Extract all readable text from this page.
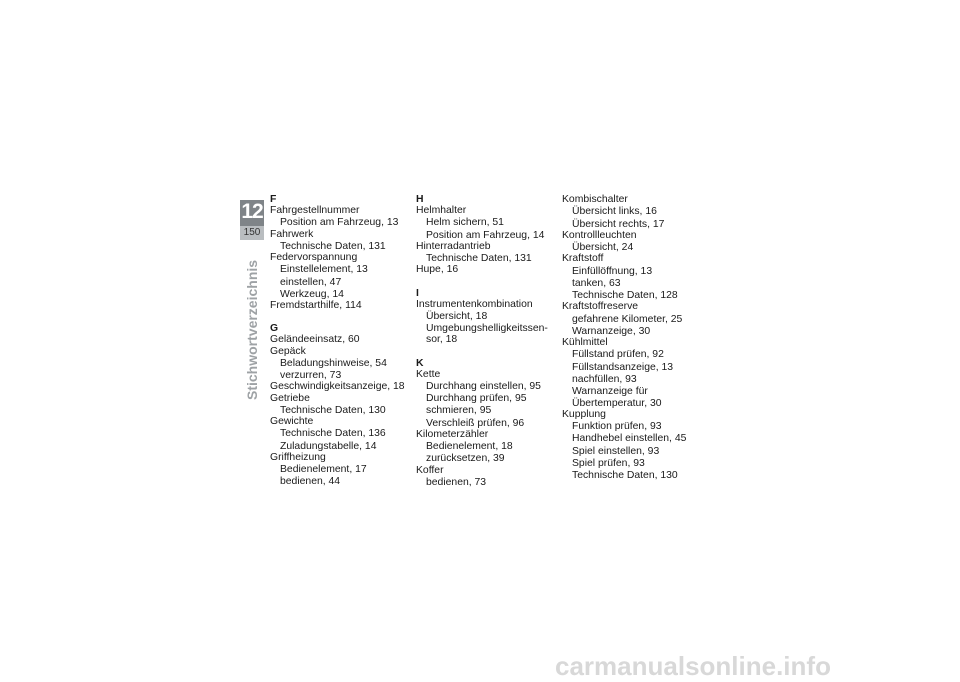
12
150
Stichwortverzeichnis
F
Fahrgestellnummer
Position am Fahrzeug, 13
Fahrwerk
Technische Daten, 131
Federvorspannung
Einstellelement, 13
einstellen, 47
Werkzeug, 14
Fremdstarthilfe, 114
G
Geländeeinsatz, 60
Gepäck
Beladungshinweise, 54
verzurren, 73
Geschwindigkeitsanzeige, 18
Getriebe
Technische Daten, 130
Gewichte
Technische Daten, 136
Zuladungstabelle, 14
Griffheizung
Bedienelement, 17
bedienen, 44
H
Helmhalter
Helm sichern, 51
Position am Fahrzeug, 14
Hinterradantrieb
Technische Daten, 131
Hupe, 16
I
Instrumentenkombination
Übersicht, 18
Umgebungshelligkeitssen-
sor, 18
K
Kette
Durchhang einstellen, 95
Durchhang prüfen, 95
schmieren, 95
Verschleiß prüfen, 96
Kilometerzähler
Bedienelement, 18
zurücksetzen, 39
Koffer
bedienen, 73
Kombischalter
Übersicht links, 16
Übersicht rechts, 17
Kontrollleuchten
Übersicht, 24
Kraftstoff
Einfüllöffnung, 13
tanken, 63
Technische Daten, 128
Kraftstoffreserve
gefahrene Kilometer, 25
Warnanzeige, 30
Kühlmittel
Füllstand prüfen, 92
Füllstandsanzeige, 13
nachfüllen, 93
Warnanzeige für
Übertemperatur, 30
Kupplung
Funktion prüfen, 93
Handhebel einstellen, 45
Spiel einstellen, 93
Spiel prüfen, 93
Technische Daten, 130
carmanualsonline.info
